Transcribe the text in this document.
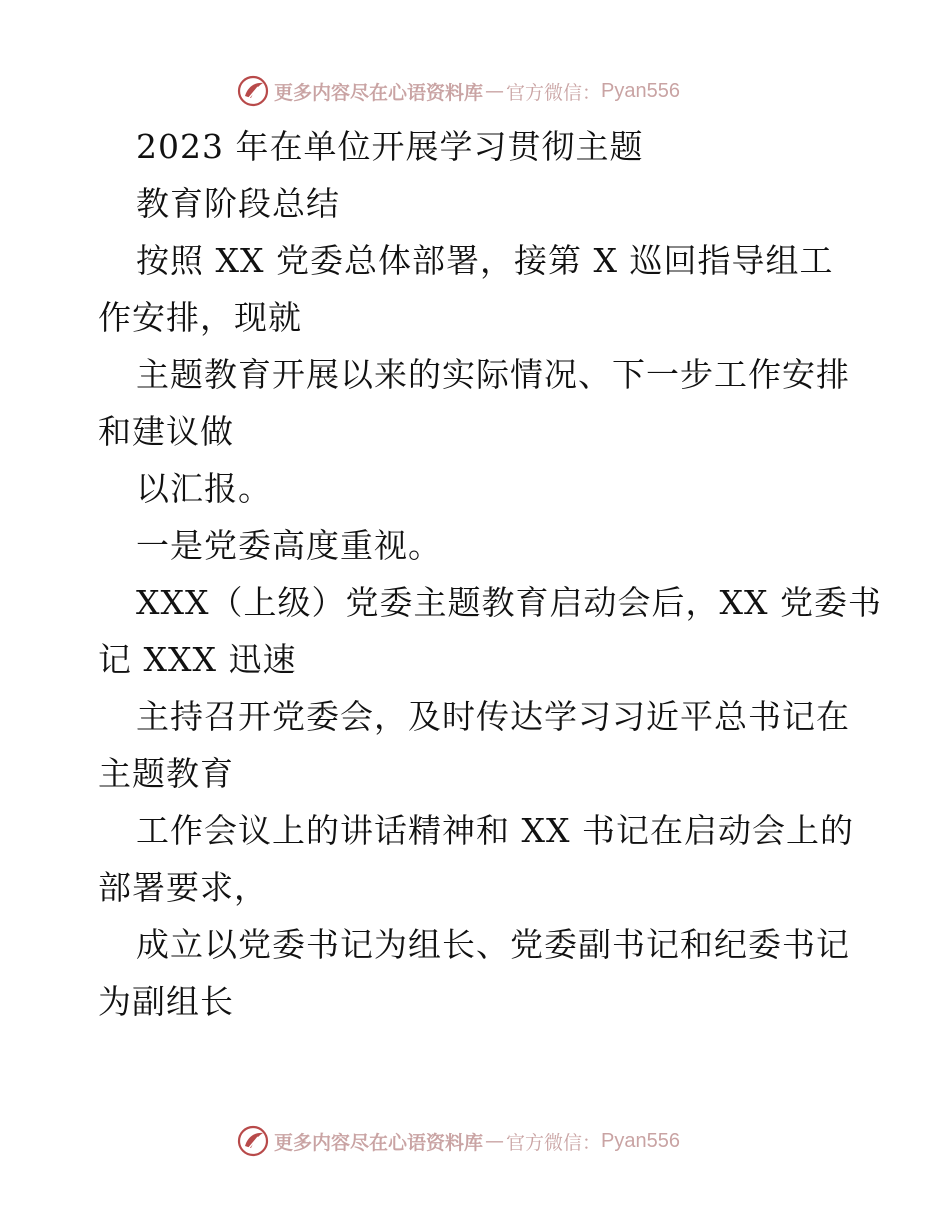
更多内容尽在心语资料库 — 官方微信： Pyan556
2023 年在单位开展学习贯彻主题
教育阶段总结
按照 XX 党委总体部署，接第 X 巡回指导组工
作安排，现就
主题教育开展以来的实际情况、下一步工作安排
和建议做
以汇报。
一是党委高度重视。
XXX（上级）党委主题教育启动会后，XX 党委书
记 XXX 迅速
主持召开党委会，及时传达学习习近平总书记在
主题教育
工作会议上的讲话精神和 XX 书记在启动会上的
部署要求，
成立以党委书记为组长、党委副书记和纪委书记
为副组长
更多内容尽在心语资料库 — 官方微信： Pyan556
